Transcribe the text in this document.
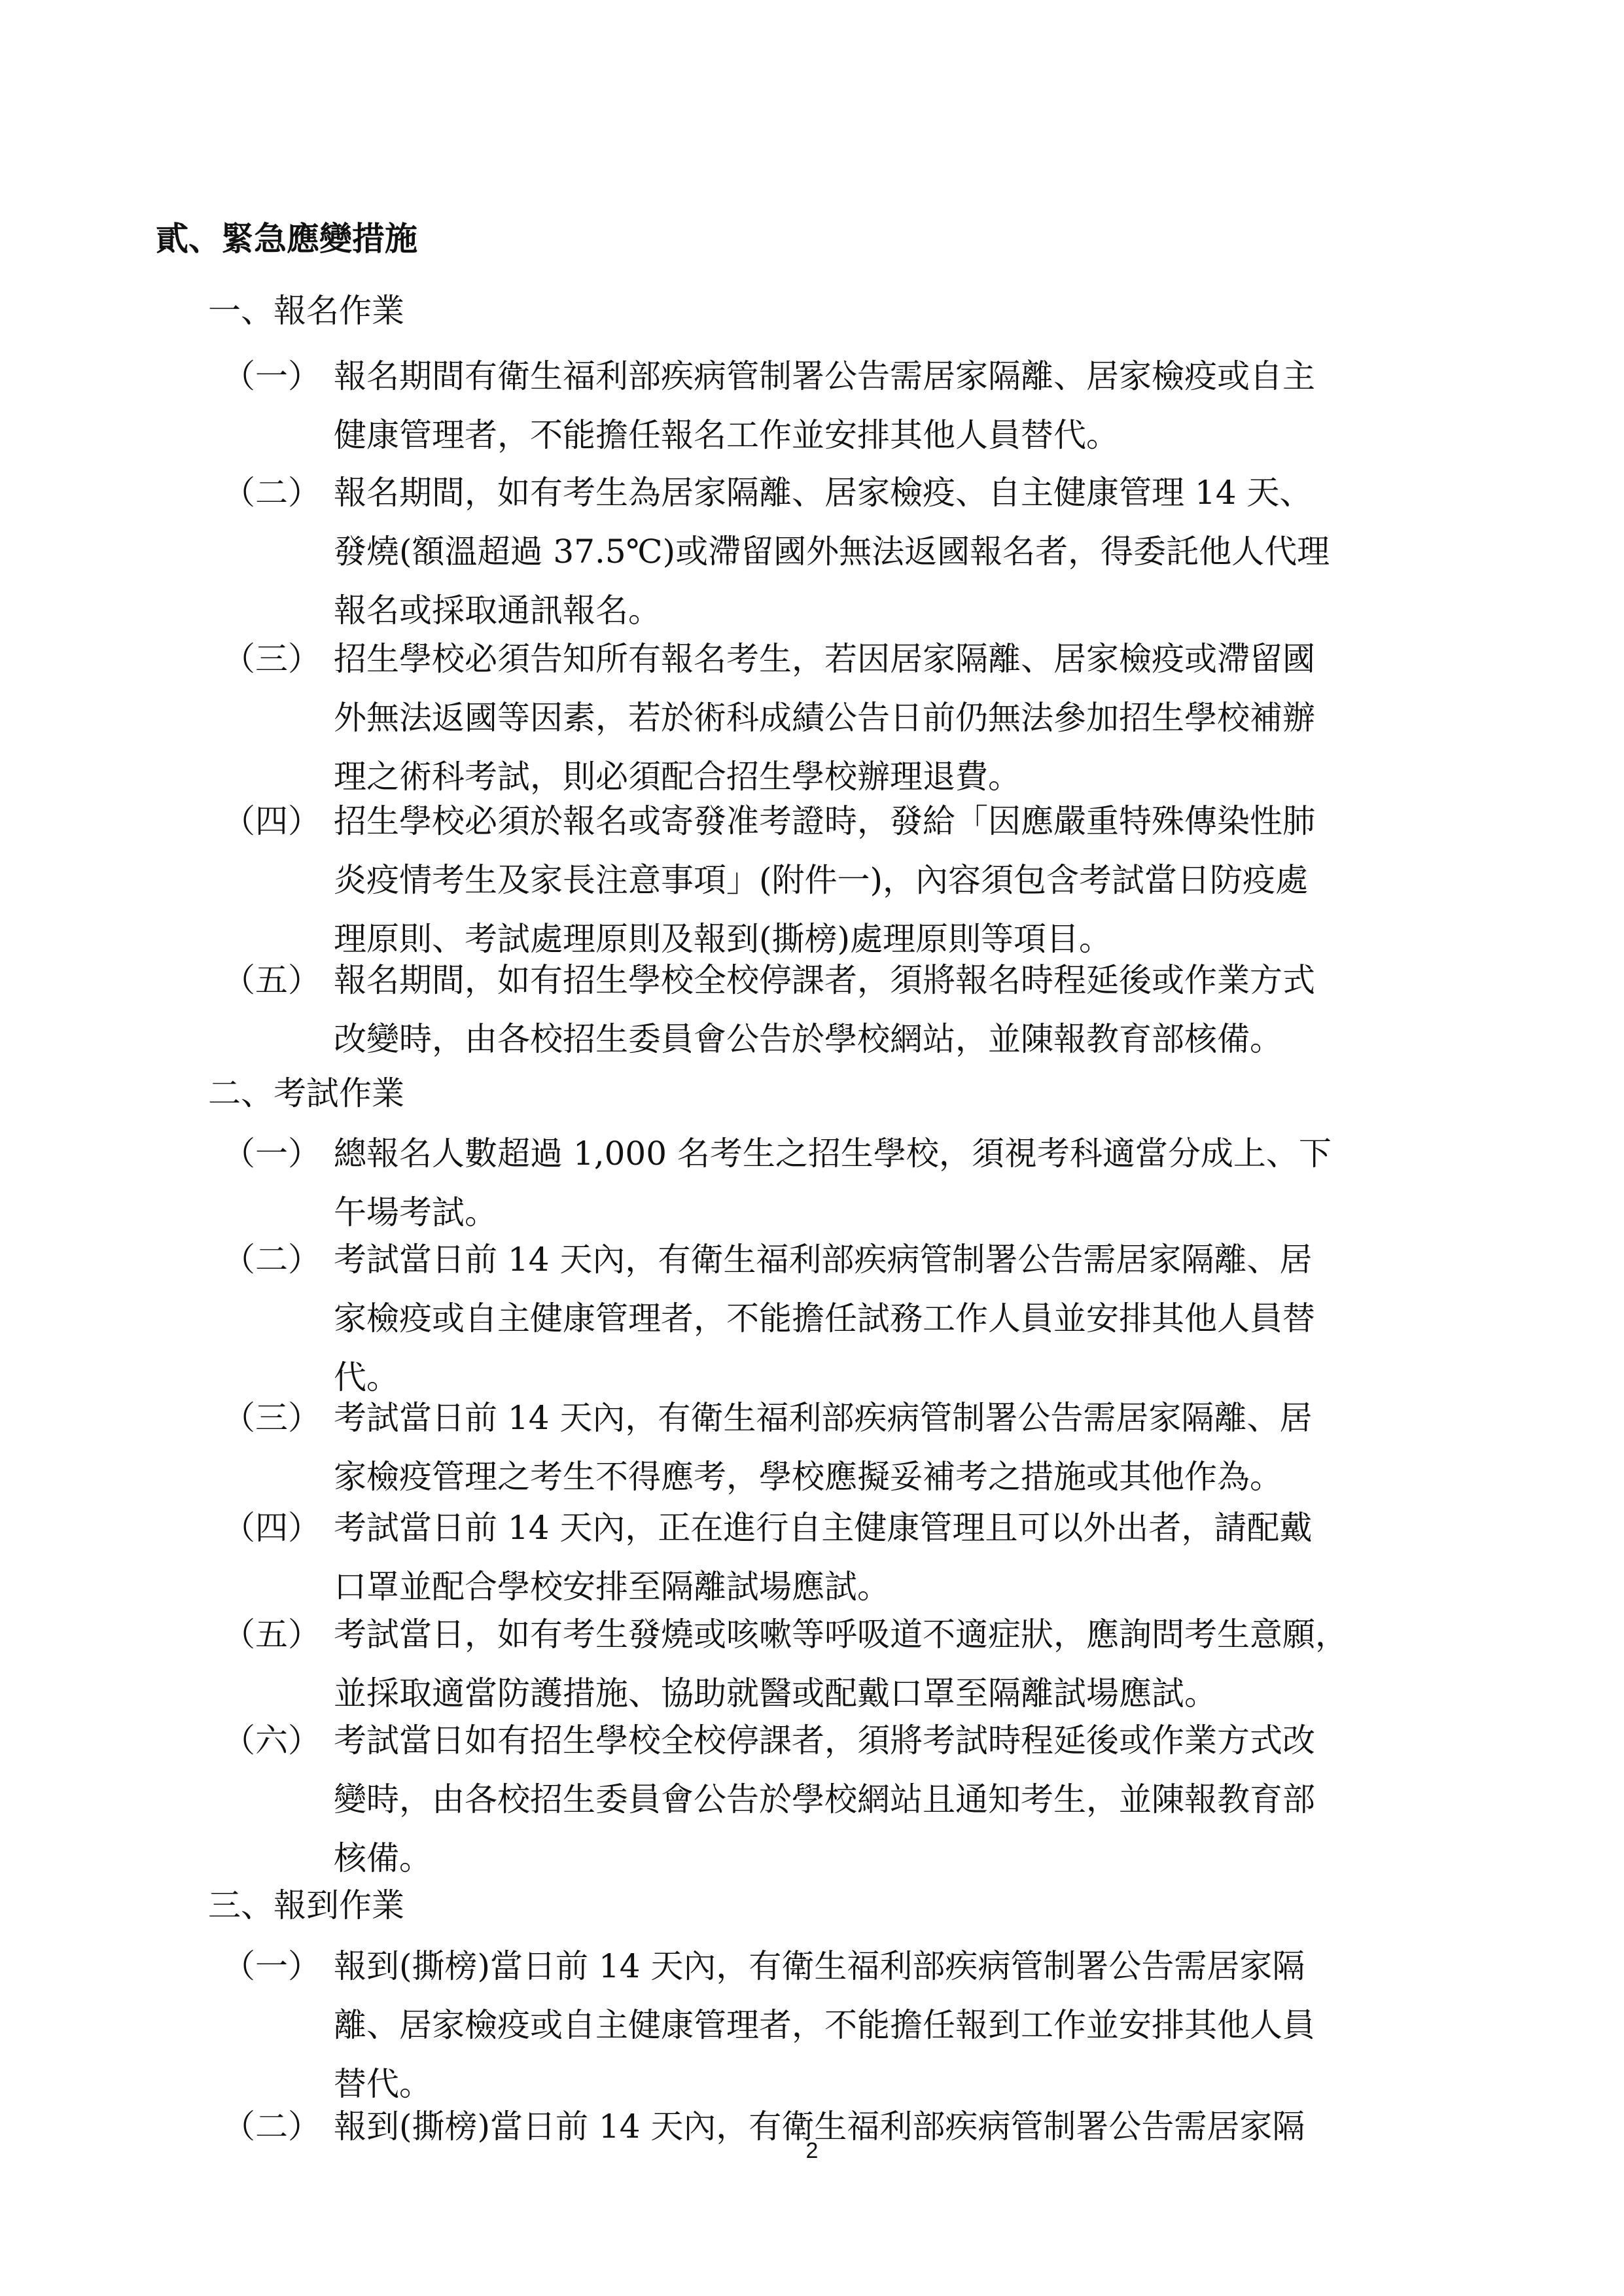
貳、緊急應變措施
一、報名作業
（一） 報名期間有衛生福利部疾病管制署公告需居家隔離、居家檢疫或自主
健康管理者，不能擔任報名工作並安排其他人員替代。
（二） 報名期間，如有考生為居家隔離、居家檢疫、自主健康管理 14 天、
發燒(額溫超過 37.5℃)或滯留國外無法返國報名者，得委託他人代理
報名或採取通訊報名。
（三） 招生學校必須告知所有報名考生，若因居家隔離、居家檢疫或滯留國
外無法返國等因素，若於術科成績公告日前仍無法參加招生學校補辦
理之術科考試，則必須配合招生學校辦理退費。
（四） 招生學校必須於報名或寄發准考證時，發給「因應嚴重特殊傳染性肺
炎疫情考生及家長注意事項」(附件一)，內容須包含考試當日防疫處
理原則、考試處理原則及報到(撕榜)處理原則等項目。
（五） 報名期間，如有招生學校全校停課者，須將報名時程延後或作業方式
改變時，由各校招生委員會公告於學校網站，並陳報教育部核備。
二、考試作業
（一） 總報名人數超過 1,000 名考生之招生學校，須視考科適當分成上、下
午場考試。
（二） 考試當日前 14 天內，有衛生福利部疾病管制署公告需居家隔離、居
家檢疫或自主健康管理者，不能擔任試務工作人員並安排其他人員替
代。
（三） 考試當日前 14 天內，有衛生福利部疾病管制署公告需居家隔離、居
家檢疫管理之考生不得應考，學校應擬妥補考之措施或其他作為。
（四） 考試當日前 14 天內，正在進行自主健康管理且可以外出者，請配戴
口罩並配合學校安排至隔離試場應試。
（五） 考試當日，如有考生發燒或咳嗽等呼吸道不適症狀，應詢問考生意願，
並採取適當防護措施、協助就醫或配戴口罩至隔離試場應試。
（六） 考試當日如有招生學校全校停課者，須將考試時程延後或作業方式改
變時，由各校招生委員會公告於學校網站且通知考生，並陳報教育部
核備。
三、報到作業
（一） 報到(撕榜)當日前 14 天內，有衛生福利部疾病管制署公告需居家隔
離、居家檢疫或自主健康管理者，不能擔任報到工作並安排其他人員
替代。
（二） 報到(撕榜)當日前 14 天內，有衛生福利部疾病管制署公告需居家隔
2
